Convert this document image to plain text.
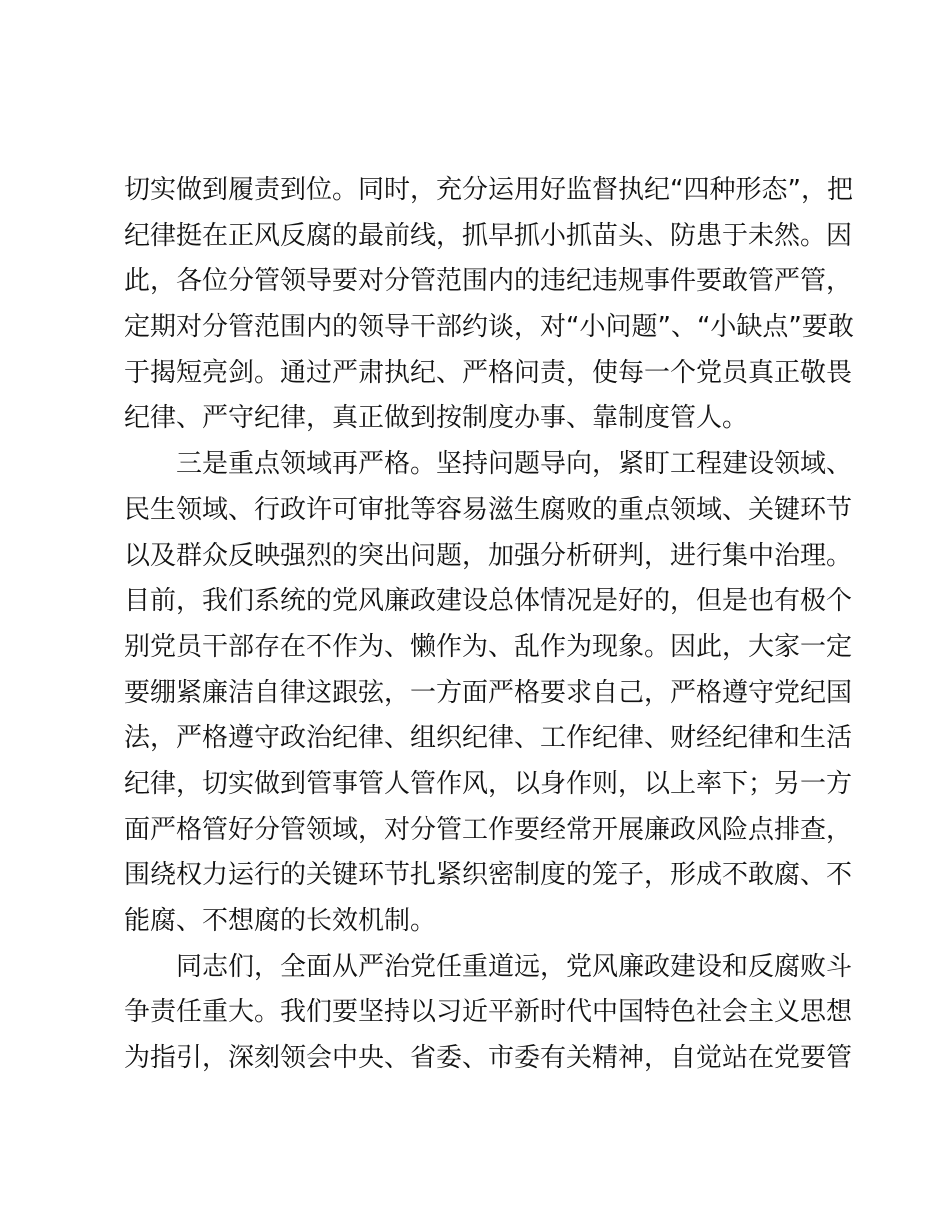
切实做到履责到位。同时，充分运用好监督执纪“四种形态”，把
纪律挺在正风反腐的最前线，抓早抓小抓苗头、防患于未然。因
此，各位分管领导要对分管范围内的违纪违规事件要敢管严管，
定期对分管范围内的领导干部约谈，对“小问题”、“小缺点”要敢
于揭短亮剑。通过严肃执纪、严格问责，使每一个党员真正敬畏
纪律、严守纪律，真正做到按制度办事、靠制度管人。
三是重点领域再严格。坚持问题导向，紧盯工程建设领域、
民生领域、行政许可审批等容易滋生腐败的重点领域、关键环节
以及群众反映强烈的突出问题，加强分析研判，进行集中治理。
目前，我们系统的党风廉政建设总体情况是好的，但是也有极个
别党员干部存在不作为、懒作为、乱作为现象。因此，大家一定
要绷紧廉洁自律这跟弦，一方面严格要求自己，严格遵守党纪国
法，严格遵守政治纪律、组织纪律、工作纪律、财经纪律和生活
纪律，切实做到管事管人管作风，以身作则，以上率下；另一方
面严格管好分管领域，对分管工作要经常开展廉政风险点排查，
围绕权力运行的关键环节扎紧织密制度的笼子，形成不敢腐、不
能腐、不想腐的长效机制。
同志们，全面从严治党任重道远，党风廉政建设和反腐败斗
争责任重大。我们要坚持以习近平新时代中国特色社会主义思想
为指引，深刻领会中央、省委、市委有关精神，自觉站在党要管
